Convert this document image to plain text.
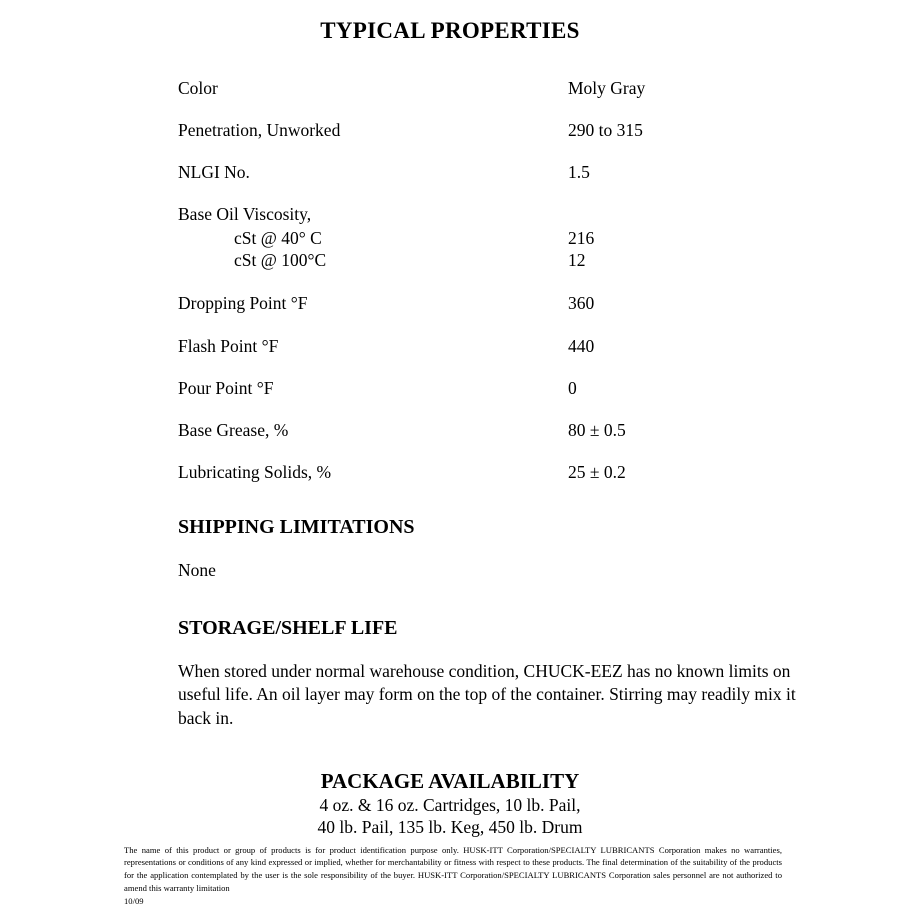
TYPICAL PROPERTIES
Color	Moly Gray
Penetration, Unworked	290 to 315
NLGI No.	1.5
Base Oil Viscosity,
cSt @ 40° C	216
cSt @ 100°C	12
Dropping Point °F	360
Flash Point °F	440
Pour Point °F	0
Base Grease, %	80 ± 0.5
Lubricating Solids, %	25 ± 0.2
SHIPPING LIMITATIONS
None
STORAGE/SHELF LIFE
When stored under normal warehouse condition, CHUCK-EEZ has no known limits on useful life. An oil layer may form on the top of the container. Stirring may readily mix it back in.
PACKAGE AVAILABILITY
4 oz. & 16 oz. Cartridges, 10 lb. Pail,
40 lb. Pail, 135 lb. Keg, 450 lb. Drum
The name of this product or group of products is for product identification purpose only. HUSK-ITT Corporation/SPECIALTY LUBRICANTS Corporation makes no warranties, representations or conditions of any kind expressed or implied, whether for merchantability or fitness with respect to these products. The final determination of the suitability of the products for the application contemplated by the user is the sole responsibility of the buyer. HUSK-ITT Corporation/SPECIALTY LUBRICANTS Corporation sales personnel are not authorized to amend this warranty limitation
10/09
